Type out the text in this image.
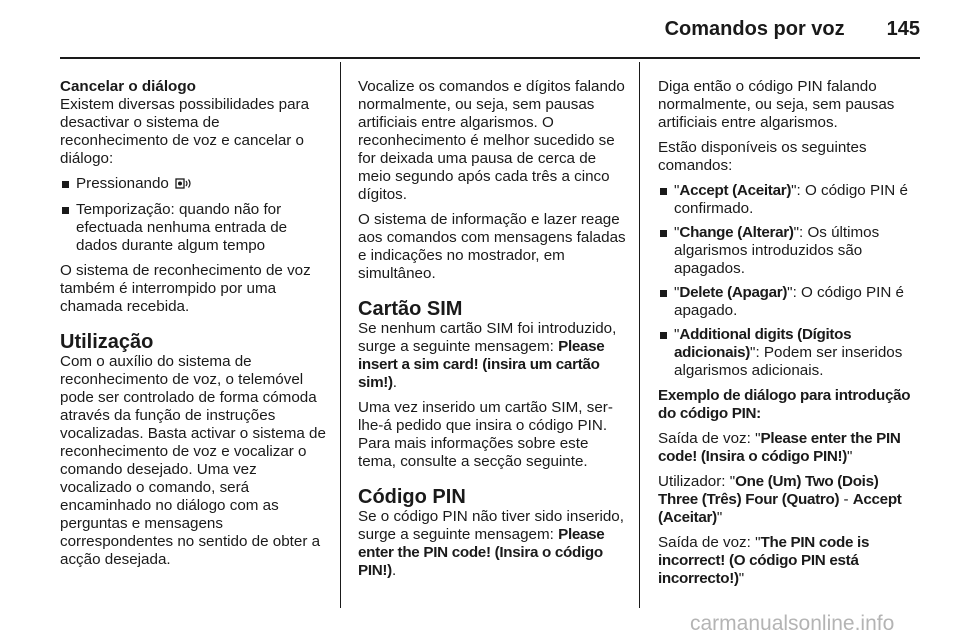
Comandos por voz 145

Cancelar o diálogo

Existem diversas possibilidades para desactivar o sistema de reconhecimento de voz e cancelar o diálogo:

Pressionando
Temporização: quando não for efectuada nenhuma entrada de dados durante algum tempo

O sistema de reconhecimento de voz também é interrompido por uma chamada recebida.

Utilização

Com o auxílio do sistema de reconhecimento de voz, o telemóvel pode ser controlado de forma cómoda através da função de instruções vocalizadas. Basta activar o sistema de reconhecimento de voz e vocalizar o comando desejado. Uma vez vocalizado o comando, será encaminhado no diálogo com as perguntas e mensagens correspondentes no sentido de obter a acção desejada.

Vocalize os comandos e dígitos falando normalmente, ou seja, sem pausas artificiais entre algarismos. O reconhecimento é melhor sucedido se for deixada uma pausa de cerca de meio segundo após cada três a cinco dígitos.

O sistema de informação e lazer reage aos comandos com mensagens faladas e indicações no mostrador, em simultâneo.

Cartão SIM

Se nenhum cartão SIM foi introduzido, surge a seguinte mensagem: Please insert a sim card! (insira um cartão sim!).

Uma vez inserido um cartão SIM, ser-lhe-á pedido que insira o código PIN. Para mais informações sobre este tema, consulte a secção seguinte.

Código PIN

Se o código PIN não tiver sido inserido, surge a seguinte mensagem: Please enter the PIN code! (Insira o código PIN!).

Diga então o código PIN falando normalmente, ou seja, sem pausas artificiais entre algarismos.

Estão disponíveis os seguintes comandos:

"Accept (Aceitar)": O código PIN é confirmado.
"Change (Alterar)": Os últimos algarismos introduzidos são apagados.
"Delete (Apagar)": O código PIN é apagado.
"Additional digits (Dígitos adicionais)": Podem ser inseridos algarismos adicionais.

Exemplo de diálogo para introdução do código PIN:

Saída de voz: "Please enter the PIN code! (Insira o código PIN!)"

Utilizador: "One (Um) Two (Dois) Three (Três) Four (Quatro) - Accept (Aceitar)"

Saída de voz: "The PIN code is incorrect! (O código PIN está incorrecto!)"

carmanualsonline.info
